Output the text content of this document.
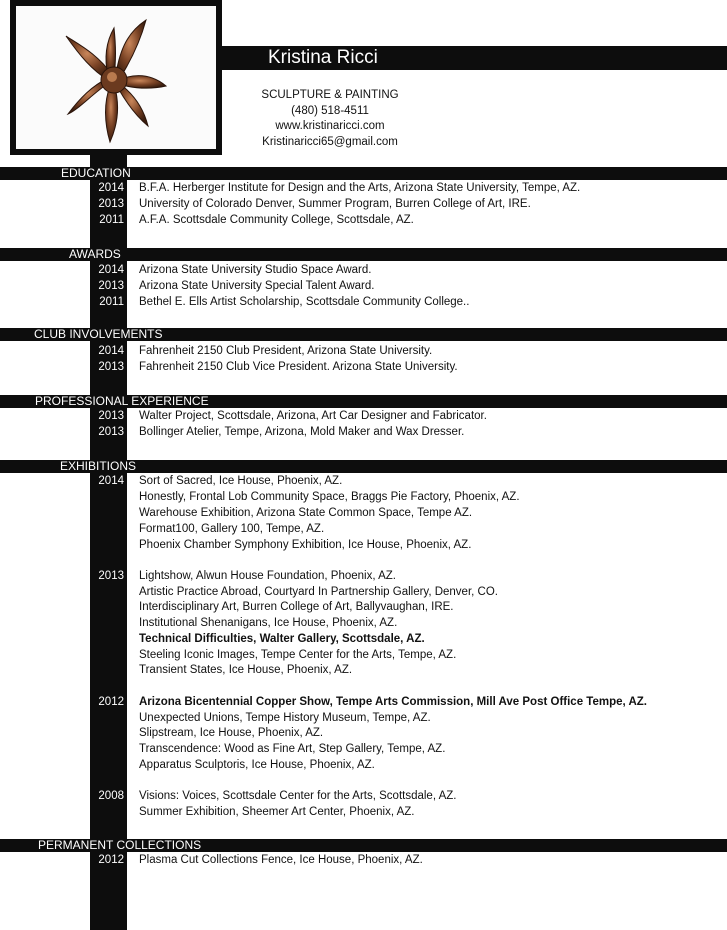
Kristina Ricci
SCULPTURE & PAINTING
(480) 518-4511
www.kristinaricci.com
Kristinaricci65@gmail.com
EDUCATION
2014
2013
2011
B.F.A. Herberger Institute for Design and the Arts, Arizona State University, Tempe, AZ.
University of Colorado Denver, Summer Program, Burren College of Art, IRE.
A.F.A. Scottsdale Community College, Scottsdale, AZ.
AWARDS
2014
2013
2011
Arizona State University Studio Space Award.
Arizona State University Special Talent Award.
Bethel E. Ells Artist Scholarship, Scottsdale Community College..
CLUB INVOLVEMENTS
2014
2013
Fahrenheit 2150 Club President, Arizona State University.
Fahrenheit 2150 Club Vice President. Arizona State University.
PROFESSIONAL EXPERIENCE
2013
2013
Walter Project, Scottsdale, Arizona, Art Car Designer and Fabricator.
Bollinger Atelier, Tempe, Arizona, Mold Maker and Wax Dresser.
EXHIBITIONS
2014 Sort of Sacred, Ice House, Phoenix, AZ.
Honestly, Frontal Lob Community Space, Braggs Pie Factory, Phoenix, AZ.
Warehouse Exhibition, Arizona State Common Space, Tempe AZ.
Format100, Gallery 100, Tempe, AZ.
Phoenix Chamber Symphony Exhibition, Ice House, Phoenix, AZ.
2013 Lightshow, Alwun House Foundation, Phoenix, AZ.
Artistic Practice Abroad, Courtyard In Partnership Gallery, Denver, CO.
Interdisciplinary Art, Burren College of Art, Ballyvaughan, IRE.
Institutional Shenanigans, Ice House, Phoenix, AZ.
Technical Difficulties, Walter Gallery, Scottsdale, AZ.
Steeling Iconic Images, Tempe Center for the Arts, Tempe, AZ.
Transient States, Ice House, Phoenix, AZ.
2012 Arizona Bicentennial Copper Show, Tempe Arts Commission, Mill Ave Post Office Tempe, AZ.
Unexpected Unions, Tempe History Museum, Tempe, AZ.
Slipstream, Ice House, Phoenix, AZ.
Transcendence: Wood as Fine Art, Step Gallery, Tempe, AZ.
Apparatus Sculptoris, Ice House, Phoenix, AZ.
2008 Visions: Voices, Scottsdale Center for the Arts, Scottsdale, AZ.
Summer Exhibition, Sheemer Art Center, Phoenix, AZ.
PERMANENT COLLECTIONS
2012 Plasma Cut Collections Fence, Ice House, Phoenix, AZ.
